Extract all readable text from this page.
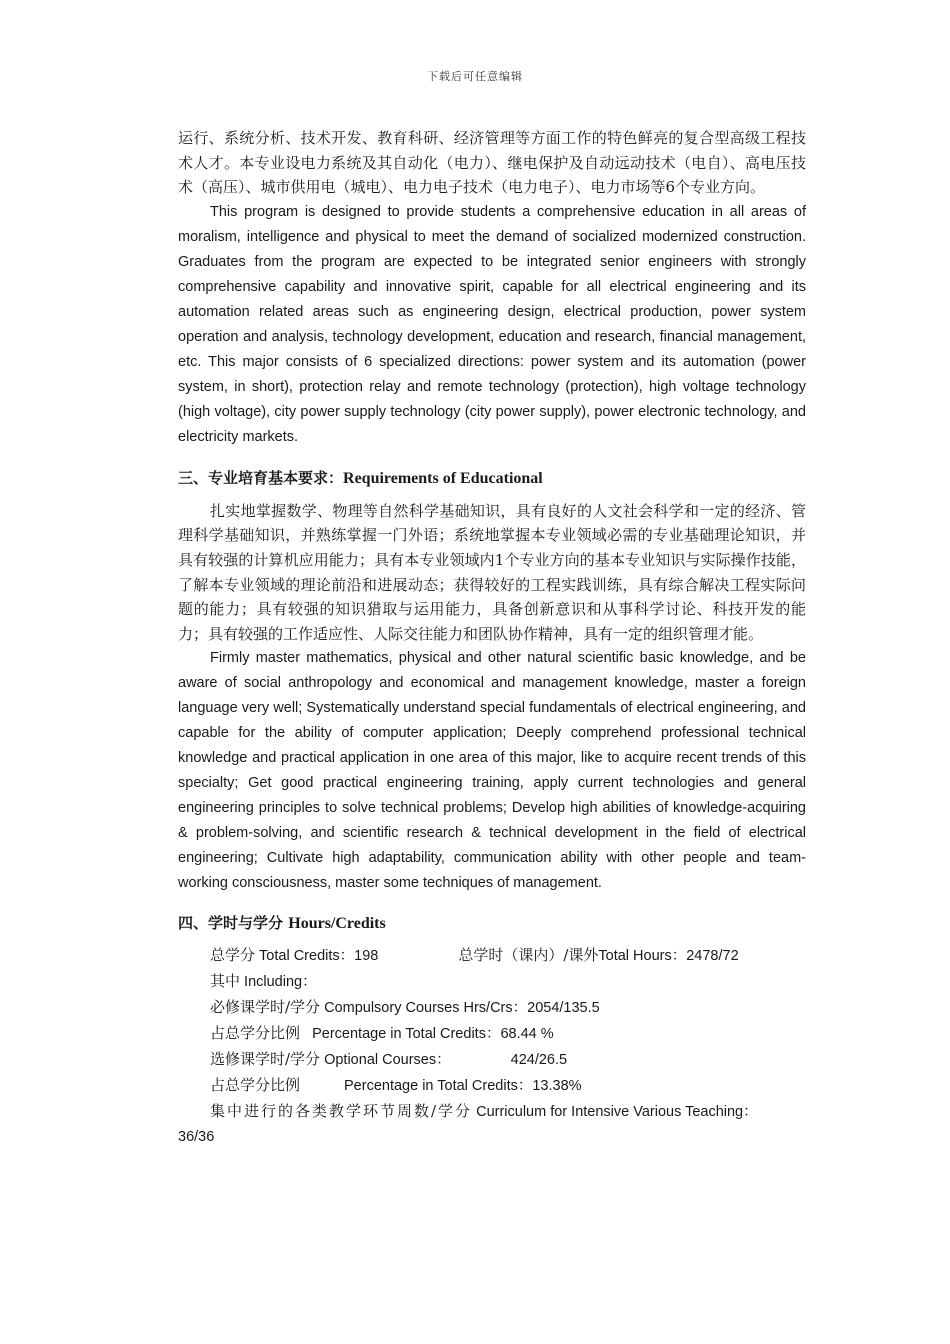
下载后可任意编辑

运行、系统分析、技术开发、教育科研、经济管理等方面工作的特色鲜亮的复合型高级工程技术人才。本专业设电力系统及其自动化（电力）、继电保护及自动远动技术（电自）、高电压技术（高压）、城市供用电（城电）、电力电子技术（电力电子）、电力市场等6个专业方向。

This program is designed to provide students a comprehensive education in all areas of moralism, intelligence and physical to meet the demand of socialized modernized construction. Graduates from the program are expected to be integrated senior engineers with strongly comprehensive capability and innovative spirit, capable for all electrical engineering and its automation related areas such as engineering design, electrical production, power system operation and analysis, technology development, education and research, financial management, etc. This major consists of 6 specialized directions: power system and its automation (power system, in short), protection relay and remote technology (protection), high voltage technology (high voltage), city power supply technology (city power supply), power electronic technology, and electricity markets.

三、专业培育基本要求：Requirements of Educational

扎实地掌握数学、物理等自然科学基础知识，具有良好的人文社会科学和一定的经济、管理科学基础知识，并熟练掌握一门外语；系统地掌握本专业领域必需的专业基础理论知识，并具有较强的计算机应用能力；具有本专业领域内1个专业方向的基本专业知识与实际操作技能，了解本专业领域的理论前沿和进展动态；获得较好的工程实践训练，具有综合解决工程实际问题的能力；具有较强的知识猎取与运用能力，具备创新意识和从事科学讨论、科技开发的能力；具有较强的工作适应性、人际交往能力和团队协作精神，具有一定的组织管理才能。

Firmly master mathematics, physical and other natural scientific basic knowledge, and be aware of social anthropology and economical and management knowledge, master a foreign language very well; Systematically understand special fundamentals of electrical engineering, and capable for the ability of computer application; Deeply comprehend professional technical knowledge and practical application in one area of this major, like to acquire recent trends of this specialty; Get good practical engineering training, apply current technologies and general engineering principles to solve technical problems; Develop high abilities of knowledge-acquiring & problem-solving, and scientific research & technical development in the field of electrical engineering; Cultivate high adaptability, communication ability with other people and team-working consciousness, master some techniques of management.

四、学时与学分 Hours/Credits

总学分 Total Credits：198	总学时（课内）/课外Total Hours：2478/72
其中 Including：
必修课学时/学分 Compulsory Courses Hrs/Crs：2054/135.5
占总学分比例 Percentage in Total Credits：68.44 %
选修课学时/学分 Optional Courses：	424/26.5
占总学分比例	Percentage in Total Credits：13.38%
集中进行的各类教学环节周数/学分 Curriculum for Intensive Various Teaching：
36/36
